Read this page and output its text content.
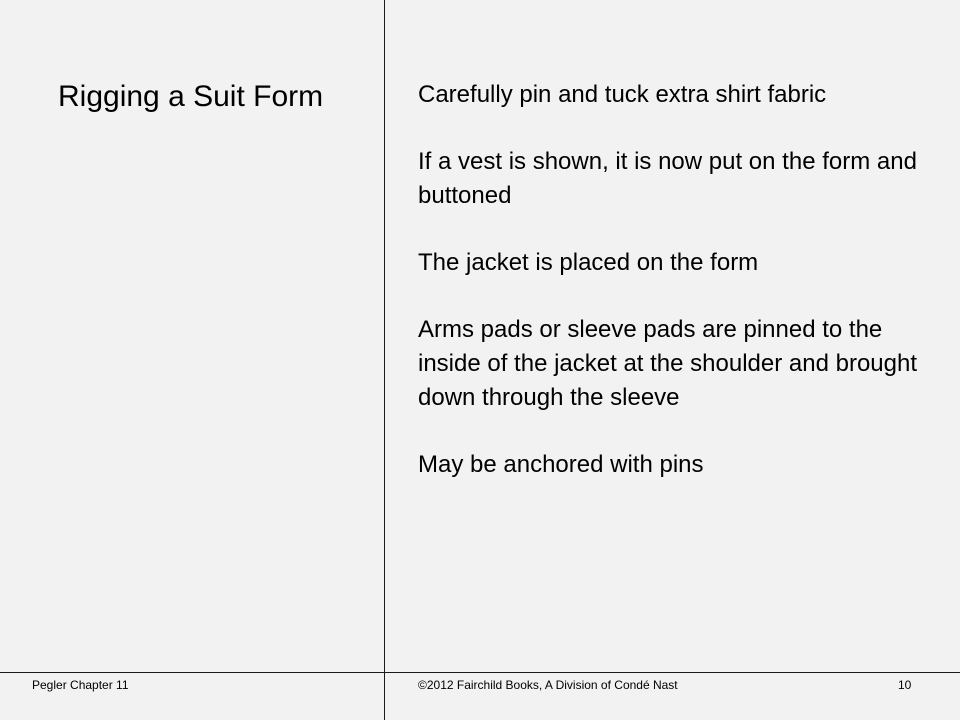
Rigging a Suit Form	Carefully pin and tuck extra shirt fabric
If a vest is shown, it is now put on the form and buttoned
The jacket is placed on the form
Arms pads or sleeve pads are pinned to the inside of the jacket at the shoulder and brought down through the sleeve
May be anchored with pins
Pegler Chapter 11	©2012 Fairchild Books, A Division of Condé Nast	10
